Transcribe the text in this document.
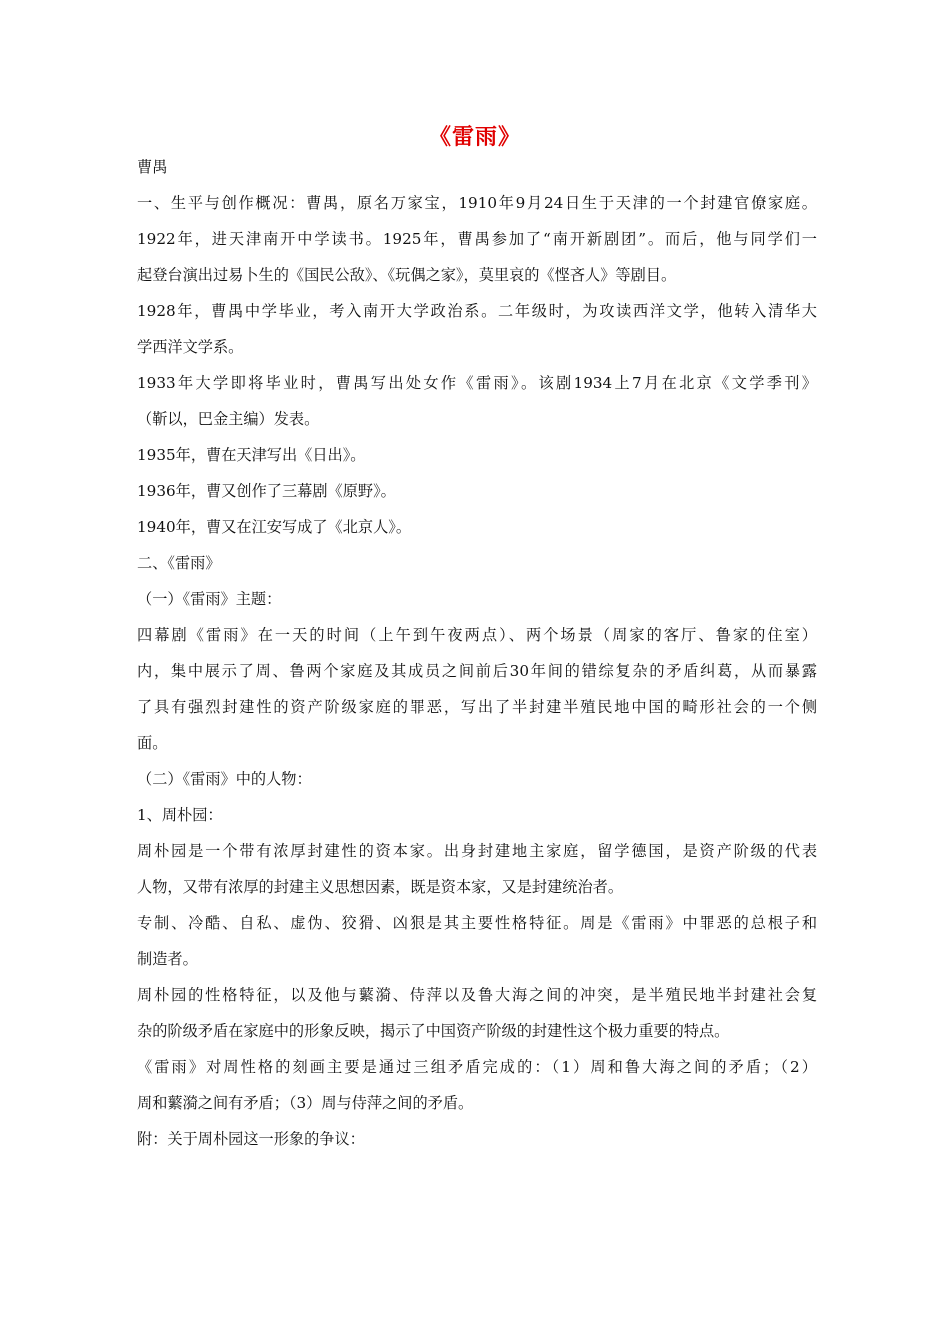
《雷雨》
曹禺
一、生平与创作概况：曹禺，原名万家宝，1910年9月24日生于天津的一个封建官僚家庭。
1922年，进天津南开中学读书。1925年，曹禺参加了“南开新剧团”。而后，他与同学们一
起登台演出过易卜生的《国民公敌》、《玩偶之家》，莫里哀的《悭吝人》等剧目。
1928年，曹禺中学毕业，考入南开大学政治系。二年级时，为攻读西洋文学，他转入清华大
学西洋文学系。
1933年大学即将毕业时，曹禺写出处女作《雷雨》。该剧1934上7月在北京《文学季刊》
（靳以，巴金主编）发表。
1935年，曹在天津写出《日出》。
1936年，曹又创作了三幕剧《原野》。
1940年，曹又在江安写成了《北京人》。
二、《雷雨》
（一）《雷雨》主题：
四幕剧《雷雨》在一天的时间（上午到午夜两点）、两个场景（周家的客厅、鲁家的住室）
内，集中展示了周、鲁两个家庭及其成员之间前后30年间的错综复杂的矛盾纠葛，从而暴露
了具有强烈封建性的资产阶级家庭的罪恶，写出了半封建半殖民地中国的畸形社会的一个侧
面。
（二）《雷雨》中的人物：
1、周朴园：
周朴园是一个带有浓厚封建性的资本家。出身封建地主家庭，留学德国，是资产阶级的代表
人物，又带有浓厚的封建主义思想因素，既是资本家，又是封建统治者。
专制、冷酷、自私、虚伪、狡猾、凶狠是其主要性格特征。周是《雷雨》中罪恶的总根子和
制造者。
周朴园的性格特征，以及他与蘩漪、侍萍以及鲁大海之间的冲突，是半殖民地半封建社会复
杂的阶级矛盾在家庭中的形象反映，揭示了中国资产阶级的封建性这个极力重要的特点。
《雷雨》对周性格的刻画主要是通过三组矛盾完成的：（1）周和鲁大海之间的矛盾；（2）
周和蘩漪之间有矛盾；（3）周与侍萍之间的矛盾。
附：关于周朴园这一形象的争议：
